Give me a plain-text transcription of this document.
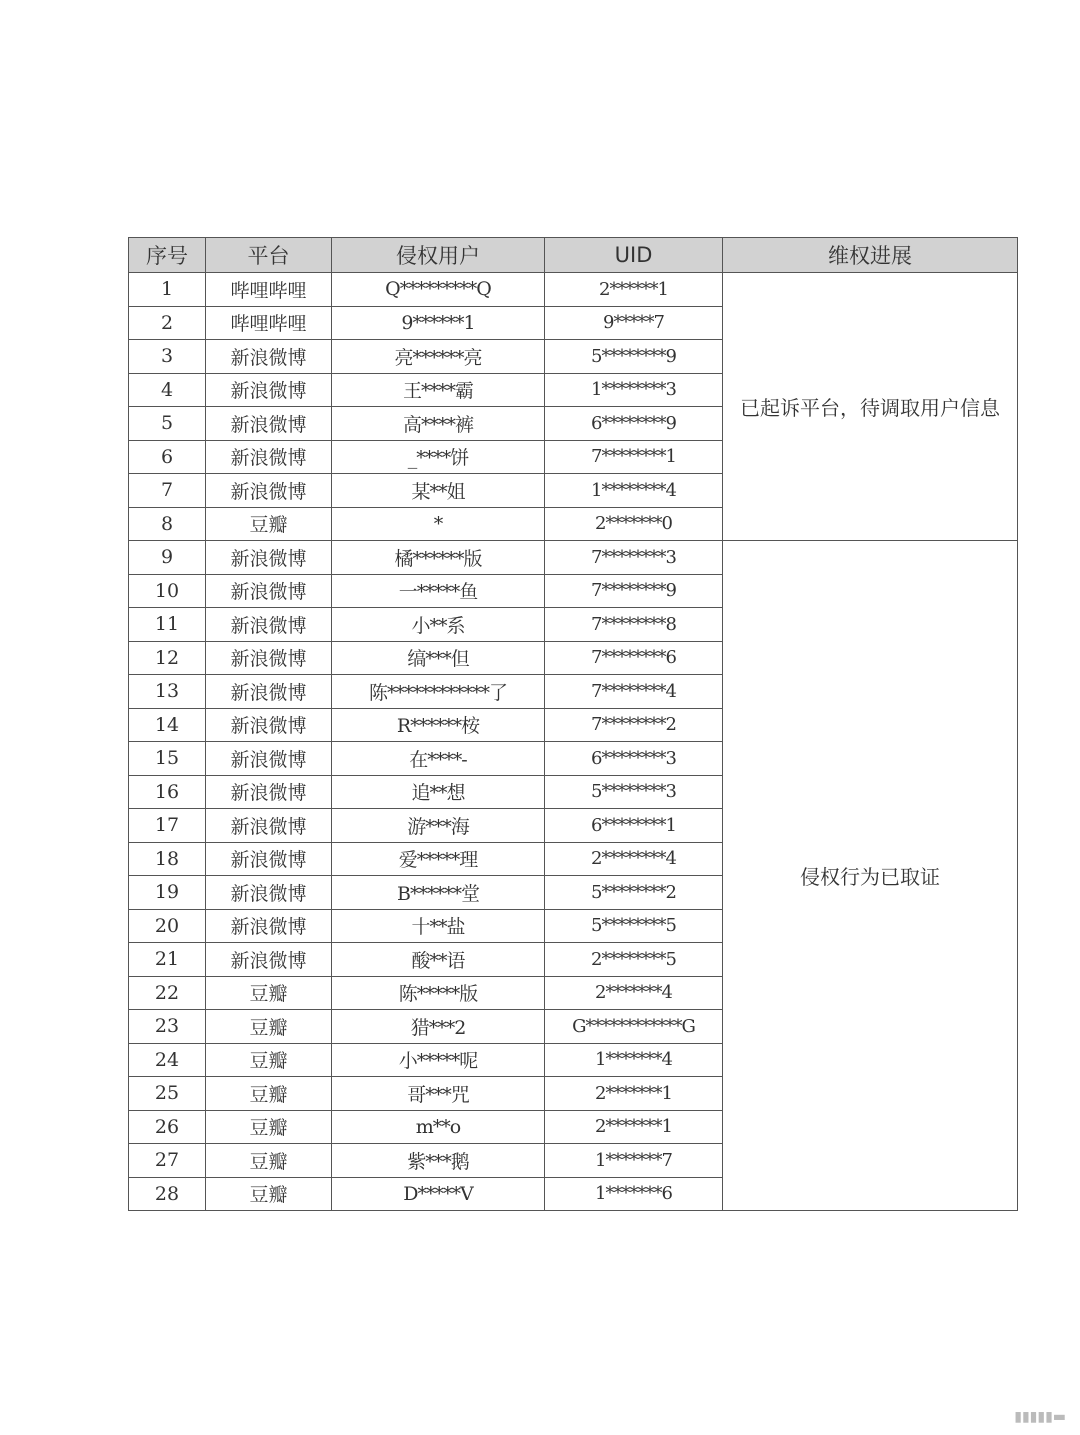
序号	平台	侵权用户	UID	维权进展
1	哔哩哔哩	Q*********Q	2******1	已起诉平台，待调取用户信息
2	哔哩哔哩	9******1	9*****7	
3	新浪微博	亮******亮	5********9	
4	新浪微博	王****霸	1********3	
5	新浪微博	高****裤	6********9	
6	新浪微博	_****饼	7********1	
7	新浪微博	某**姐	1********4	
8	豆瓣	*	2*******0	
9	新浪微博	橘******版	7********3	侵权行为已取证
10	新浪微博	一*****鱼	7********9	
11	新浪微博	小**系	7********8	
12	新浪微博	缟***但	7********6	
13	新浪微博	陈************了	7********4	
14	新浪微博	R******桉	7********2	
15	新浪微博	在****-	6********3	
16	新浪微博	追**想	5********3	
17	新浪微博	游***海	6********1	
18	新浪微博	爱*****理	2********4	
19	新浪微博	B******堂	5********2	
20	新浪微博	十**盐	5********5	
21	新浪微博	酸**语	2********5	
22	豆瓣	陈*****版	2*******4	
23	豆瓣	猎***2	G************G	
24	豆瓣	小*****呢	1*******4	
25	豆瓣	哥***咒	2*******1	
26	豆瓣	m**o	2*******1	
27	豆瓣	紫***鹅	1*******7	
28	豆瓣	D*****V	1*******6	
▮▮▮▮▮▬
